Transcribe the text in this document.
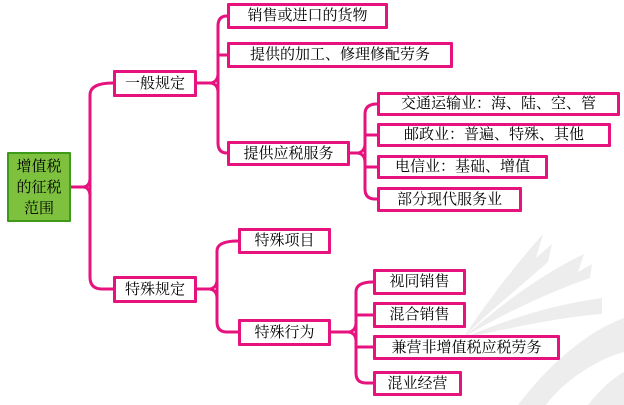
增值税的征税范围
一般规定
特殊规定
销售或进口的货物
提供的加工、修理修配劳务
提供应税服务
交通运输业：海、陆、空、管
邮政业：普遍、特殊、其他
电信业：基础、增值
部分现代服务业
特殊项目
特殊行为
视同销售
混合销售
兼营非增值税应税劳务
混业经营
